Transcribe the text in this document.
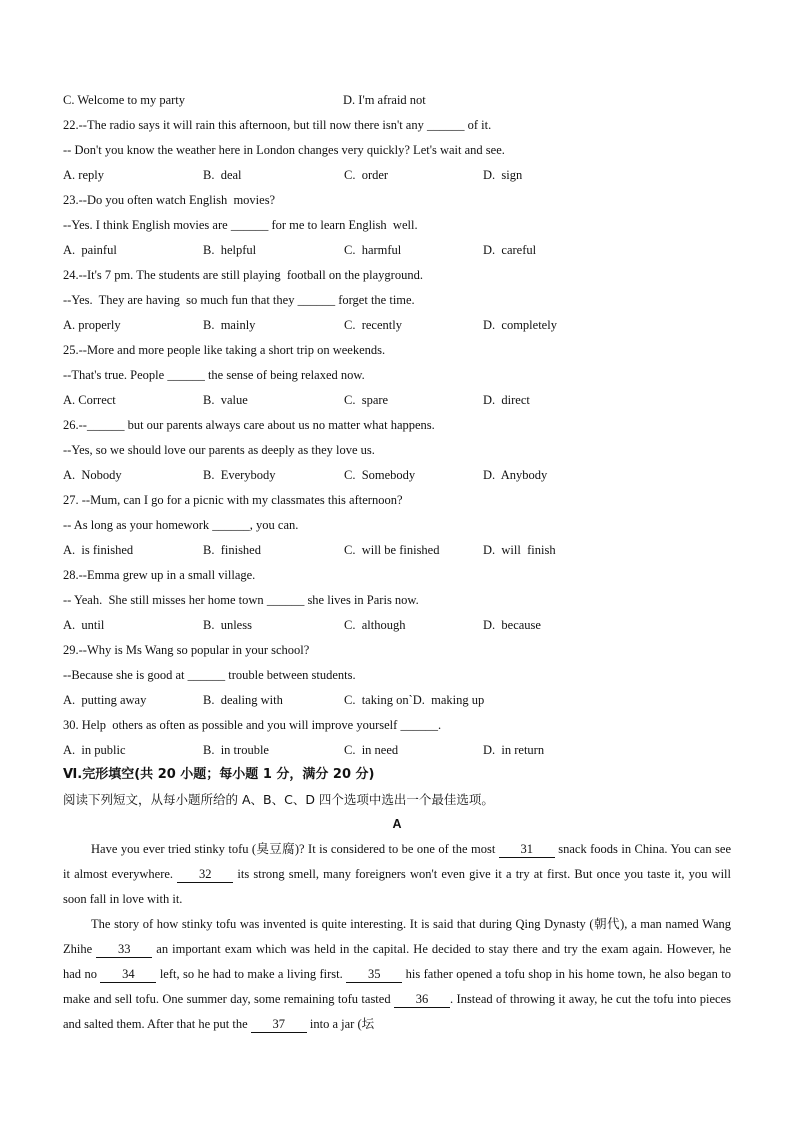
C. Welcome to my party	D. I'm afraid not
22.--The radio says it will rain this afternoon, but till now there isn't any ______ of it.
-- Don't you know the weather here in London changes very quickly? Let's wait and see.
A. reply	B.  deal	C.  order	D.  sign
23.--Do you often watch English  movies?
--Yes. I think English movies are ______ for me to learn English  well.
A.  painful	B.  helpful	C.  harmful	D.  careful
24.--It's 7 pm. The students are still playing  football on the playground.
--Yes.  They are having  so much fun that they ______ forget the time.
A. properly	B.  mainly	C.  recently	D.  completely
25.--More and more people like taking a short trip on weekends.
--That's true. People ______ the sense of being relaxed now.
A. Correct	B.  value	C.  spare	D.  direct
26.--______ but our parents always care about us no matter what happens.
--Yes, so we should love our parents as deeply as they love us.
A.  Nobody	B.  Everybody	C.  Somebody	D.  Anybody
27. --Mum, can I go for a picnic with my classmates this afternoon?
-- As long as your homework ______, you can.
A.  is finished	B.  finished	C.  will be finished	D.  will  finish
28.--Emma grew up in a small village.
-- Yeah.  She still misses her home town ______ she lives in Paris now.
A.  until	B.  unless	C.  although	D.  because
29.--Why is Ms Wang so popular in your school?
--Because she is good at ______ trouble between students.
A.  putting away	B.  dealing with	C.  taking on`D.  making up
30. Help  others as often as possible and you will improve yourself ______.
A.  in public	B.  in trouble	C.  in need	D.  in return
Ⅵ.完形填空(共 20 小题；每小题 1 分，满分 20 分)
阅读下列短文，从每小题所给的 A、B、C、D 四个选项中选出一个最佳选项。
A

Have you ever tried stinky tofu (臭豆腐)? It is considered to be one of the most 31 snack foods in China. You can see it almost everywhere. 32 its strong smell, many foreigners won't even give it a try at first. But once you taste it, you will soon fall in love with it.

The story of how stinky tofu was invented is quite interesting. It is said that during Qing Dynasty (朝代), a man named Wang Zhihe 33 an important exam which was held in the capital. He decided to stay there and try the exam again. However, he had no 34 left, so he had to make a living first. 35 his father opened a tofu shop in his home town, he also began to make and sell tofu. One summer day, some remaining tofu tasted 36 . Instead of throwing it away, he cut the tofu into pieces and salted them. After that he put the 37 into a jar (坛
